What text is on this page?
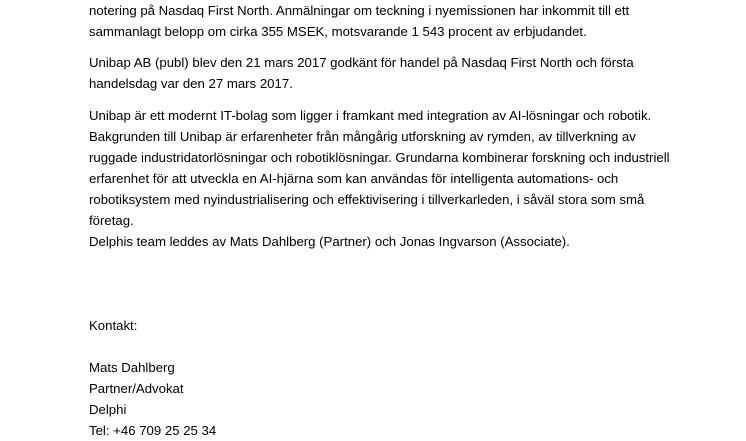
notering på Nasdaq First North. Anmälningar om teckning i nyemissionen har inkommit till ett
sammanlagt belopp om cirka 355 MSEK, motsvarande 1 543 procent av erbjudandet.
Unibap AB (publ) blev den 21 mars 2017 godkänt för handel på Nasdaq First North och första
handelsdag var den 27 mars 2017.
Unibap är ett modernt IT-bolag som ligger i framkant med integration av AI-lösningar och robotik.
Bakgrunden till Unibap är erfarenheter från mångårig utforskning av rymden, av tillverkning av
ruggade industridatorlösningar och robotiklösningar. Grundarna kombinerar forskning och industriell
erfarenhet för att utveckla en AI-hjärna som kan användas för intelligenta automations- och
robotiksystem med nyindustrialisering och effektivisering i tillverkarleden, i såväl stora som små
företag.
Delphis team leddes av Mats Dahlberg (Partner) och Jonas Ingvarson (Associate).
Kontakt:
Mats Dahlberg
Partner/Advokat
Delphi
Tel: +46 709 25 25 34
